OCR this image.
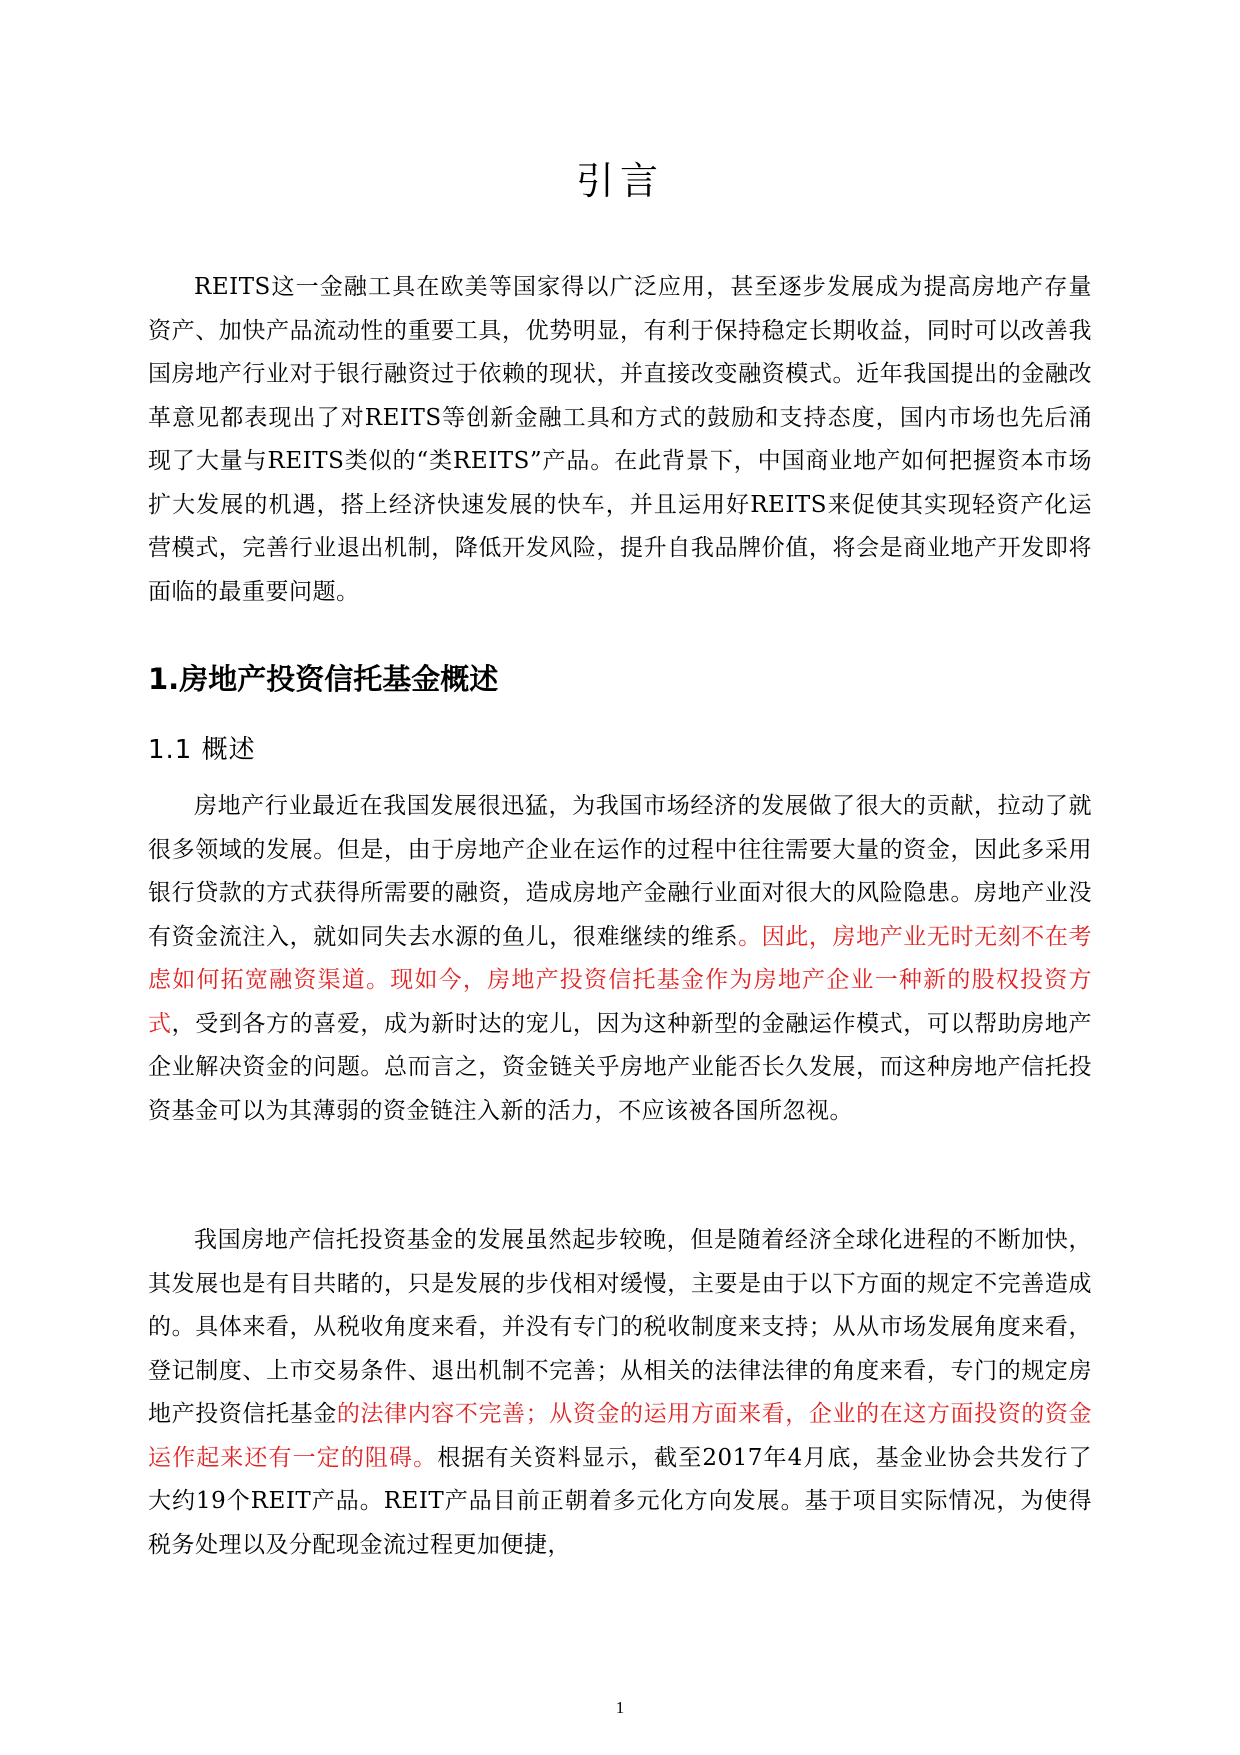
引言

REITS这一金融工具在欧美等国家得以广泛应用，甚至逐步发展成为提高房地产存量资产、加快产品流动性的重要工具，优势明显，有利于保持稳定长期收益，同时可以改善我国房地产行业对于银行融资过于依赖的现状，并直接改变融资模式。近年我国提出的金融改革意见都表现出了对REITS等创新金融工具和方式的鼓励和支持态度，国内市场也先后涌现了大量与REITS类似的“类REITS”产品。在此背景下，中国商业地产如何把握资本市场扩大发展的机遇，搭上经济快速发展的快车，并且运用好REITS来促使其实现轻资产化运营模式，完善行业退出机制，降低开发风险，提升自我品牌价值，将会是商业地产开发即将面临的最重要问题。

1.房地产投资信托基金概述
1.1 概述

房地产行业最近在我国发展很迅猛，为我国市场经济的发展做了很大的贡献，拉动了就很多领域的发展。但是，由于房地产企业在运作的过程中往往需要大量的资金，因此多采用银行贷款的方式获得所需要的融资，造成房地产金融行业面对很大的风险隐患。房地产业没有资金流注入，就如同失去水源的鱼儿，很难继续的维系。因此，房地产业无时无刻不在考虑如何拓宽融资渠道。现如今，房地产投资信托基金作为房地产企业一种新的股权投资方式，受到各方的喜爱，成为新时达的宠儿，因为这种新型的金融运作模式，可以帮助房地产企业解决资金的问题。总而言之，资金链关乎房地产业能否长久发展，而这种房地产信托投资基金可以为其薄弱的资金链注入新的活力，不应该被各国所忽视。

我国房地产信托投资基金的发展虽然起步较晚，但是随着经济全球化进程的不断加快，其发展也是有目共睹的，只是发展的步伐相对缓慢，主要是由于以下方面的规定不完善造成的。具体来看，从税收角度来看，并没有专门的税收制度来支持；从从市场发展角度来看，登记制度、上市交易条件、退出机制不完善；从相关的法律法律的角度来看，专门的规定房地产投资信托基金的法律内容不完善；从资金的运用方面来看，企业的在这方面投资的资金运作起来还有一定的阻碍。根据有关资料显示，截至2017年4月底，基金业协会共发行了大约19个REIT产品。REIT产品目前正朝着多元化方向发展。基于项目实际情况，为使得税务处理以及分配现金流过程更加便捷，

1
